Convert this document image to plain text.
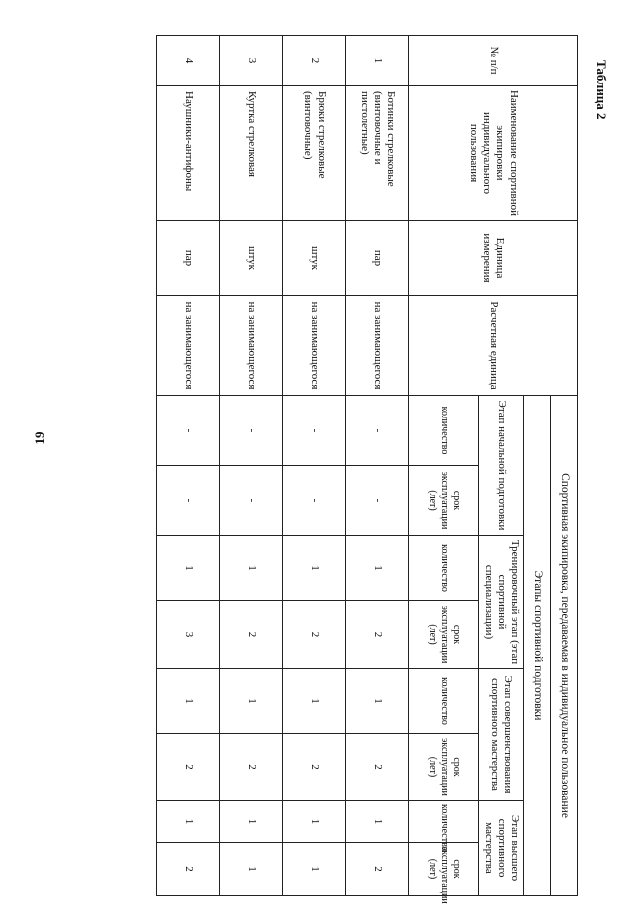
19
Таблица 2
№ п/п	Наименование спортивной экипировки индивидуального пользования	Единица измерения	Расчетная единица	Спортивная экипировка, передаваемая в индивидуальное пользование							
				Этапы спортивной подготовки							
				Этап начальной подготовки		Тренировочный этап (этап спортивной специализации)		Этап совершенствования спортивного мастерства		Этап высшего спортивного мастерства	
				количество	срок эксплуатации (лет)	количество	срок эксплуатации (лет)	количество	срок эксплуатации (лет)	количество	срок эксплуатации (лет)
1	Ботинки стрелковые (винтовочные и пистолетные)	пар	на занимающегося	-	-	1	2	1	2	1	2
2	Брюки стрелковые (винтовочные)	штук	на занимающегося	-	-	1	2	1	2	1	1
3	Куртка стрелковая	штук	на занимающегося	-	-	1	2	1	2	1	1
4	Наушники-антифоны	пар	на занимающегося	-	-	1	3	1	2	1	2
